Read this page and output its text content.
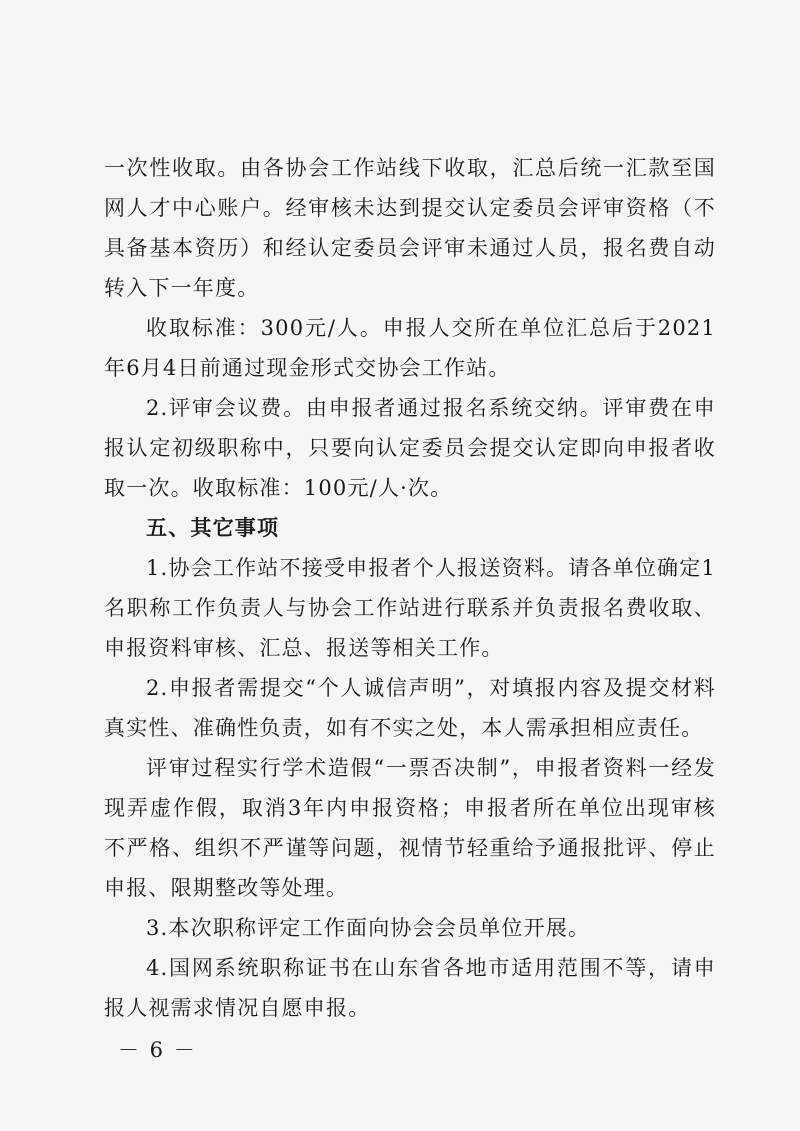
一次性收取。由各协会工作站线下收取，汇总后统一汇款至国网人才中心账户。经审核未达到提交认定委员会评审资格（不具备基本资历）和经认定委员会评审未通过人员，报名费自动转入下一年度。

收取标准：300元/人。申报人交所在单位汇总后于2021年6月4日前通过现金形式交协会工作站。

2.评审会议费。由申报者通过报名系统交纳。评审费在申报认定初级职称中，只要向认定委员会提交认定即向申报者收取一次。收取标准：100元/人·次。

五、其它事项

1.协会工作站不接受申报者个人报送资料。请各单位确定1名职称工作负责人与协会工作站进行联系并负责报名费收取、申报资料审核、汇总、报送等相关工作。

2.申报者需提交“个人诚信声明”，对填报内容及提交材料真实性、准确性负责，如有不实之处，本人需承担相应责任。

评审过程实行学术造假“一票否决制”，申报者资料一经发现弄虚作假，取消3年内申报资格；申报者所在单位出现审核不严格、组织不严谨等问题，视情节轻重给予通报批评、停止申报、限期整改等处理。

3.本次职称评定工作面向协会会员单位开展。

4.国网系统职称证书在山东省各地市适用范围不等，请申报人视需求情况自愿申报。

－ 6 －
